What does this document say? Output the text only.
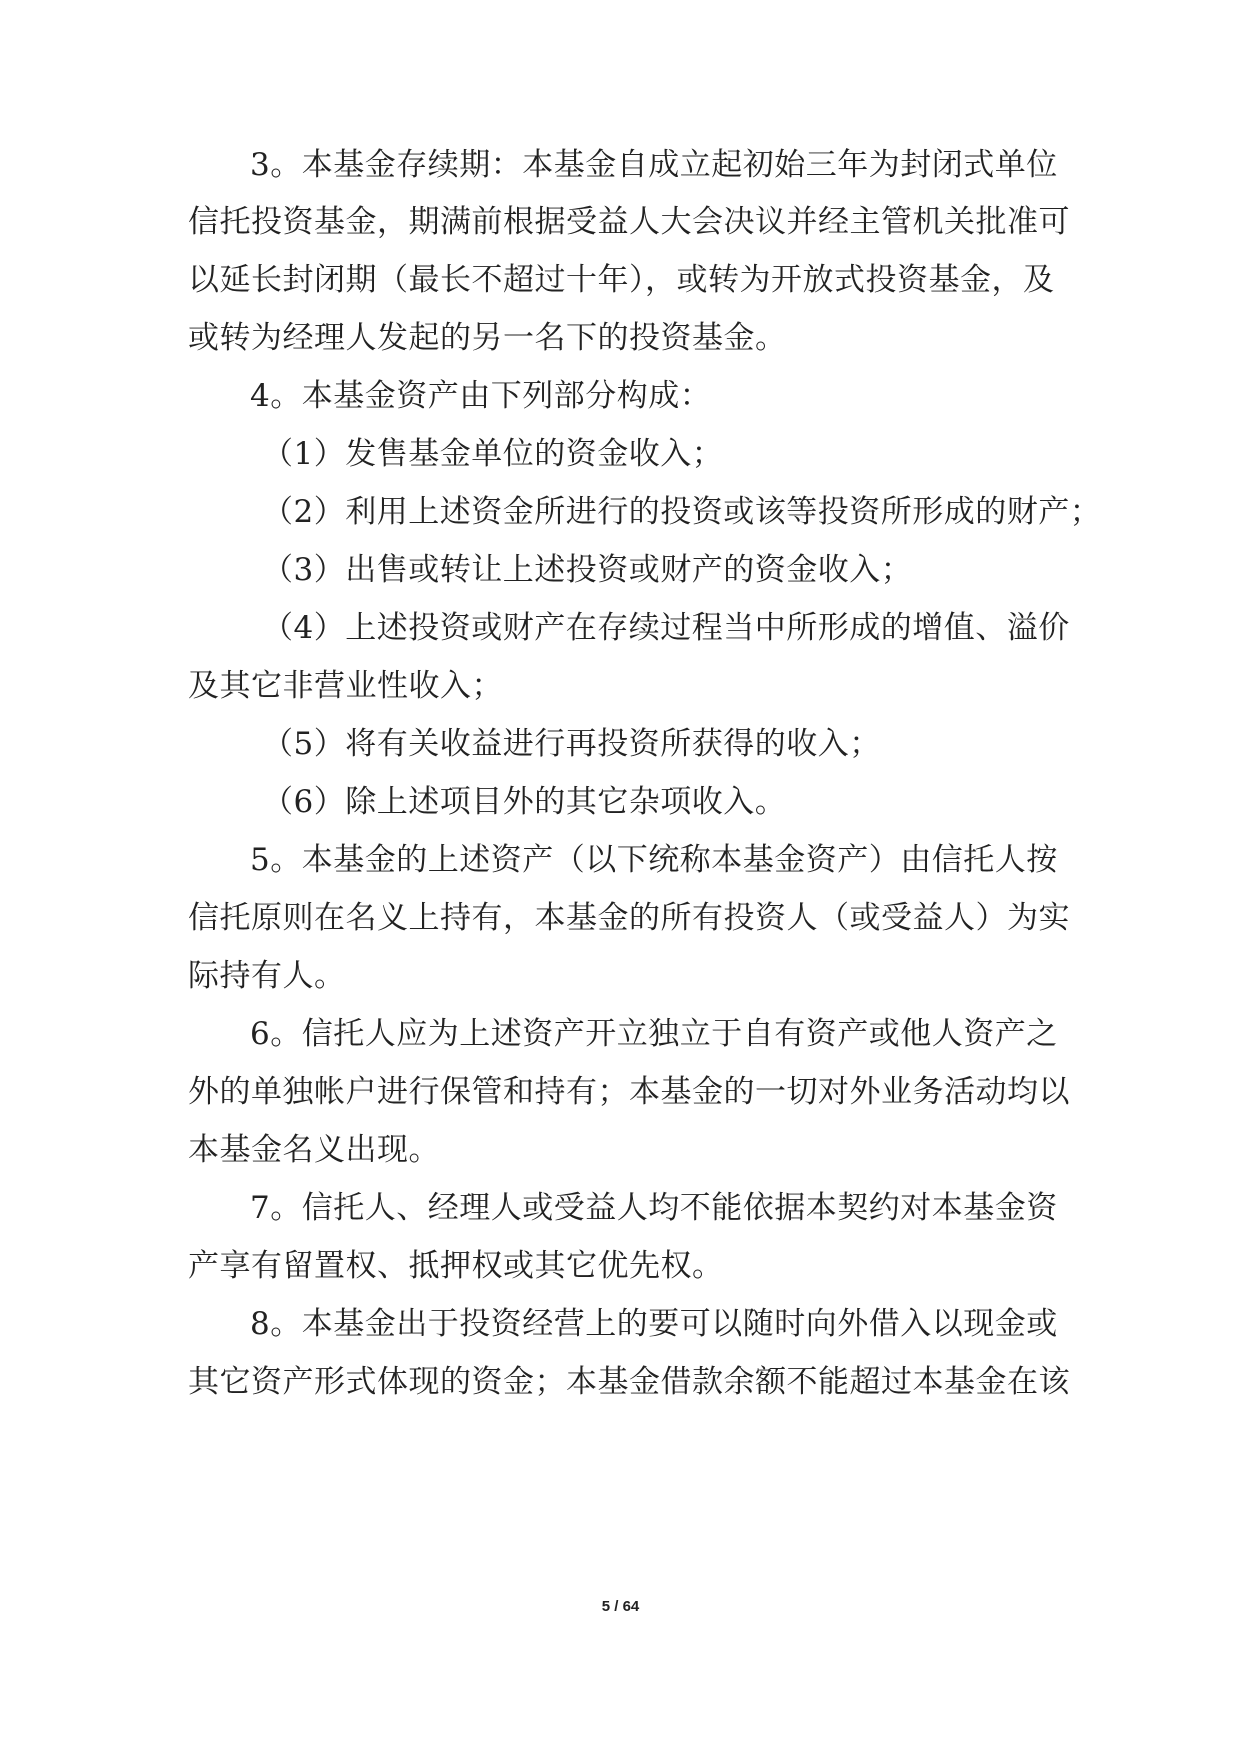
3。本基金存续期：本基金自成立起初始三年为封闭式单位
信托投资基金，期满前根据受益人大会决议并经主管机关批准可
以延长封闭期（最长不超过十年），或转为开放式投资基金，及
或转为经理人发起的另一名下的投资基金。
4。本基金资产由下列部分构成：
（1）发售基金单位的资金收入；
（2）利用上述资金所进行的投资或该等投资所形成的财产；
（3）出售或转让上述投资或财产的资金收入；
（4）上述投资或财产在存续过程当中所形成的增值、溢价
及其它非营业性收入；
（5）将有关收益进行再投资所获得的收入；
（6）除上述项目外的其它杂项收入。
5。本基金的上述资产（以下统称本基金资产）由信托人按
信托原则在名义上持有，本基金的所有投资人（或受益人）为实
际持有人。
6。信托人应为上述资产开立独立于自有资产或他人资产之
外的单独帐户进行保管和持有；本基金的一切对外业务活动均以
本基金名义出现。
7。信托人、经理人或受益人均不能依据本契约对本基金资
产享有留置权、抵押权或其它优先权。
8。本基金出于投资经营上的要可以随时向外借入以现金或
其它资产形式体现的资金；本基金借款余额不能超过本基金在该
5 / 64
